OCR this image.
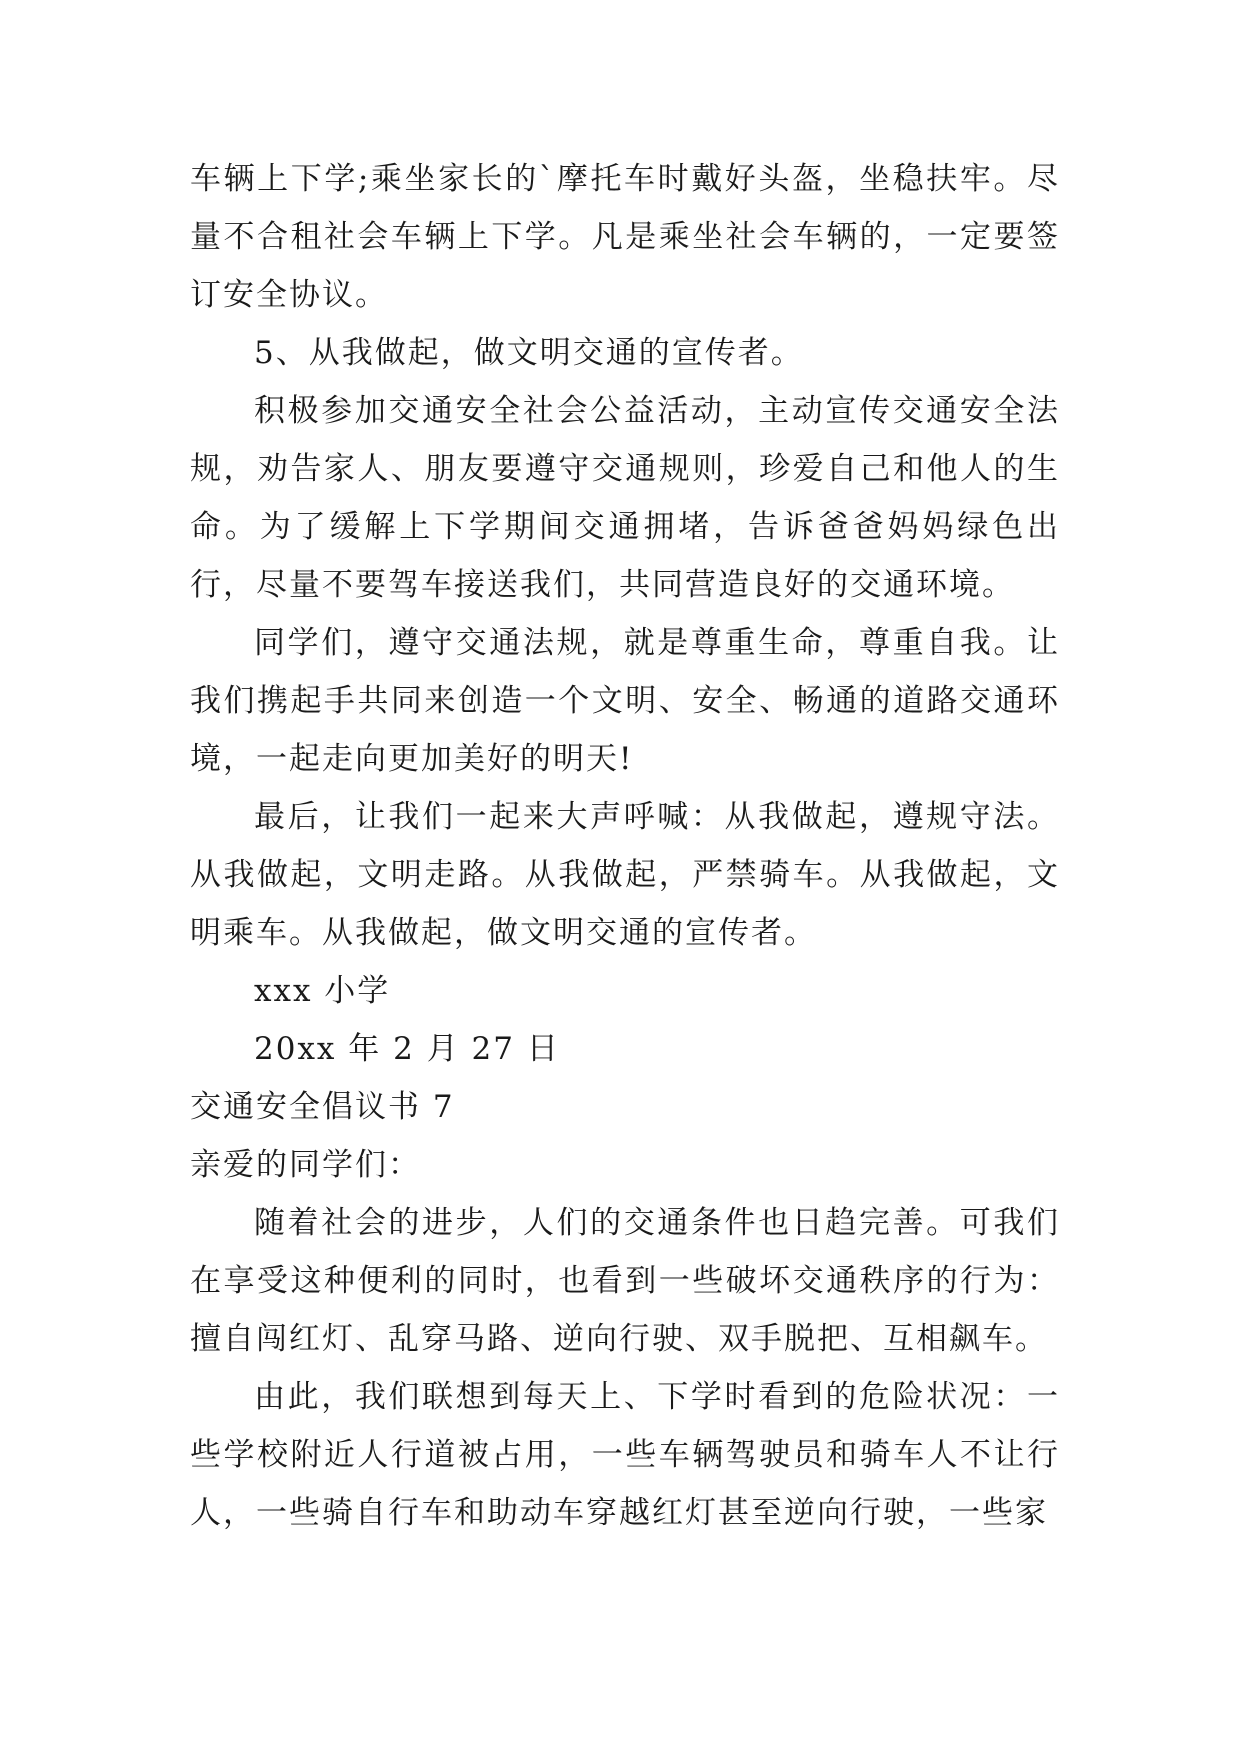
车辆上下学;乘坐家长的`摩托车时戴好头盔，坐稳扶牢。尽量不合租社会车辆上下学。凡是乘坐社会车辆的，一定要签订安全协议。

5、从我做起，做文明交通的宣传者。

积极参加交通安全社会公益活动，主动宣传交通安全法规，劝告家人、朋友要遵守交通规则，珍爱自己和他人的生命。为了缓解上下学期间交通拥堵，告诉爸爸妈妈绿色出行，尽量不要驾车接送我们，共同营造良好的交通环境。

同学们，遵守交通法规，就是尊重生命，尊重自我。让我们携起手共同来创造一个文明、安全、畅通的道路交通环境，一起走向更加美好的明天!

最后，让我们一起来大声呼喊：从我做起，遵规守法。从我做起，文明走路。从我做起，严禁骑车。从我做起，文明乘车。从我做起，做文明交通的宣传者。

xxx 小学

20xx 年 2 月 27 日

交通安全倡议书 7

亲爱的同学们：

随着社会的进步，人们的交通条件也日趋完善。可我们在享受这种便利的同时，也看到一些破坏交通秩序的行为：擅自闯红灯、乱穿马路、逆向行驶、双手脱把、互相飙车。

由此，我们联想到每天上、下学时看到的危险状况：一些学校附近人行道被占用，一些车辆驾驶员和骑车人不让行人，一些骑自行车和助动车穿越红灯甚至逆向行驶，一些家
